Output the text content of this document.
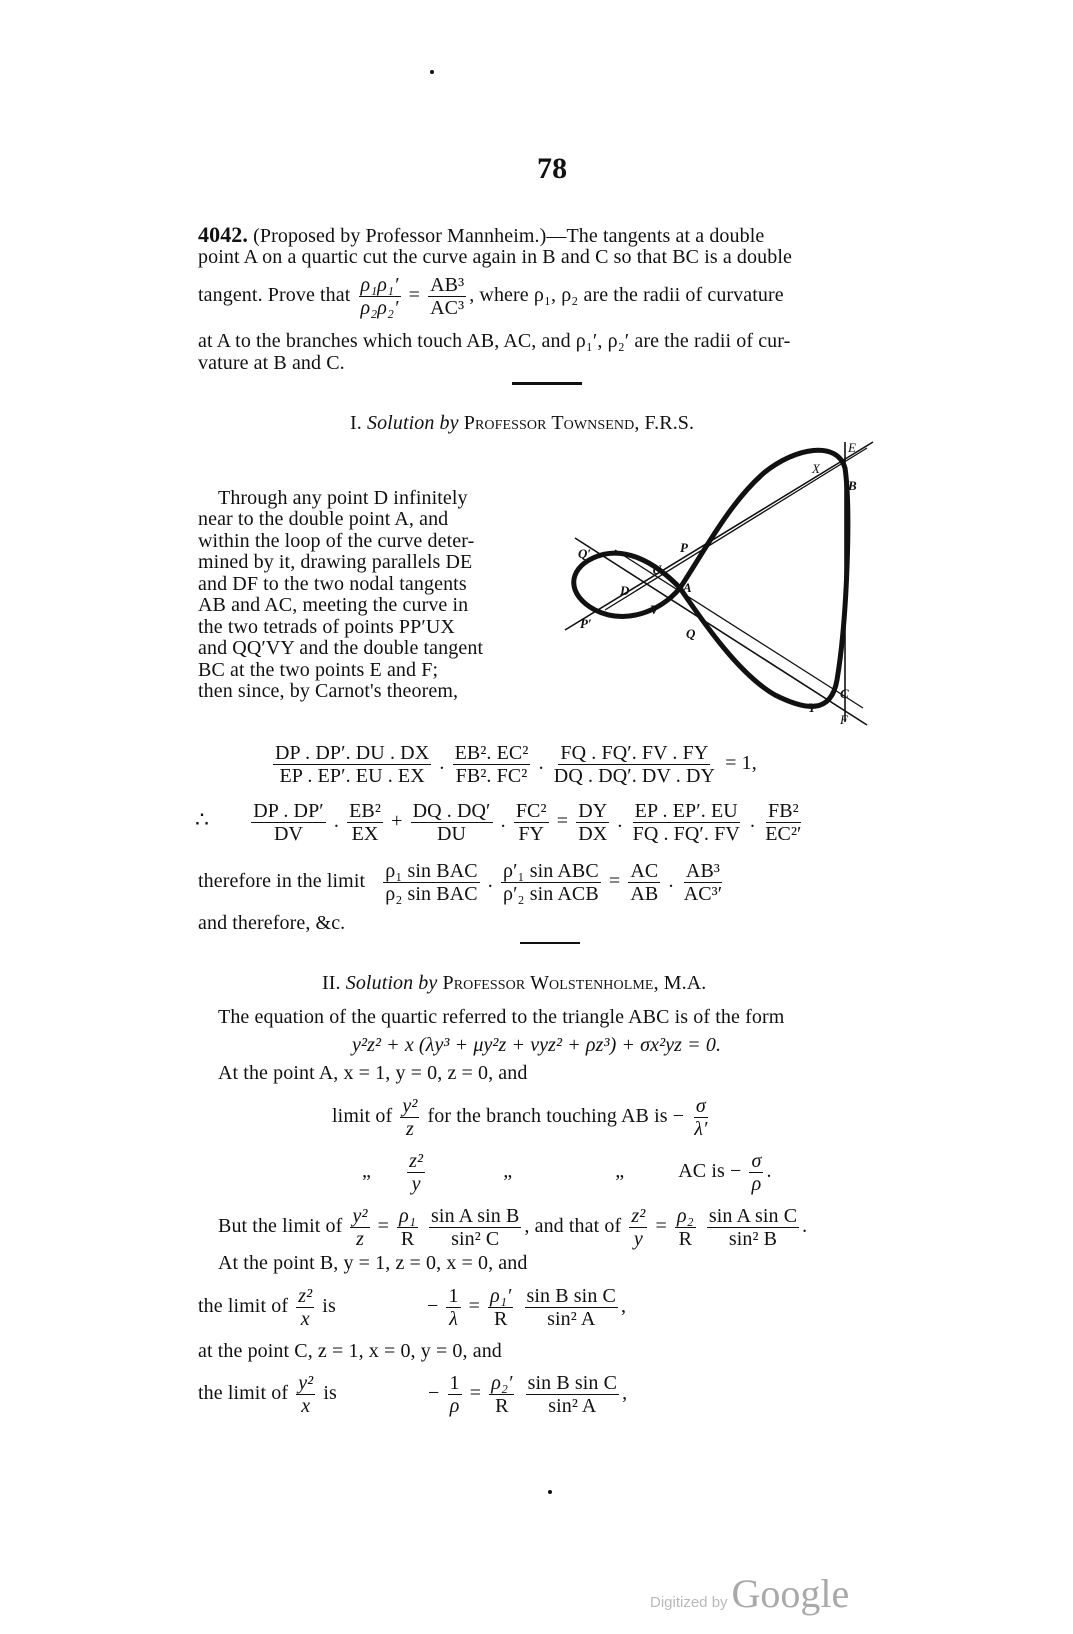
78
4042. (Proposed by Professor Mannheim.)—The tangents at a double
point A on a quartic cut the curve again in B and C so that BC is a double
tangent. Prove that $\frac{\text{ρ₁ρ₁′}}{\text{ρ₂ρ₂′}} = \frac{\text{AB³}}{\text{AC³}}$ , where ρ₁, ρ₂ are the radii of curvature
at A to the branches which touch AB, AC, and ρ₁′, ρ₂′ are the radii of cur-
vature at B and C.
I. Solution by Professor Townsend, F.R.S.
Through any point D infinitely
near to the double point A, and
within the loop of the curve deter-
mined by it, drawing parallels DE
and DF to the two nodal tangents
AB and AC, meeting the curve in
the two tetrads of points PP′UX
and QQ′VY and the double tangent
BC at the two points E and F;
then since, by Carnot's theorem,
E
X
B
P
Q′
U
D	A
V
P′
Q
C
Y
F
$\frac{DP . DP'. DU . DX}{EP . EP'. EU . EX}$ . $\frac{\text{EB². EC²}}{\text{FB². FC²}}$ . $\frac{FQ . FQ'. FV . FY}{DQ . DQ'. DV . DY} = 1$,
∴ $\frac{DP . DP'}{DV}$ . $\frac{\text{EB²}}{EX} + \frac{DQ . DQ'}{DU}$ . $\frac{\text{FC²}}{FY} = \frac{DY}{DX}$ . $\frac{EP . EP'. EU}{FQ . FQ'. FV}$ . $\frac{\text{FB²}}{\text{EC²′}}$
therefore in the limit $\frac{\text{ρ₁ sin BAC}}{\text{ρ₂ sin BAC}}$ . $\frac{\text{ρ′₁ sin ABC}}{\text{ρ′₂ sin ACB}} = \frac{AC}{AB}$ . $\frac{\text{AB³}}{\text{AC³′}}$
and therefore, &c.
II. Solution by Professor Wolstenholme, M.A.
The equation of the quartic referred to the triangle ABC is of the form
y²z² + x (λy³ + μy²z + νyz² + ρz³) + σx²yz = 0.
At the point A, x = 1, y = 0, z = 0, and
limit of $\frac{\text{y²}}{z}$ for the branch touching AB is − $\frac{\sigma}{\lambda'}$
„ $\frac{\text{z²}}{y}$	„	„	AC is − $\frac{\sigma}{\rho}$ .
But the limit of $\frac{\text{y²}}{z} = \frac{\text{ρ₁}}{R}$
$\frac{\text{sin A sin B}}{\text{sin² C}}$ , and that of $\frac{\text{z²}}{y} = \frac{\text{ρ₂}}{R}$
$\frac{\text{sin A sin C}}{\text{sin² B}}$ .
At the point B, y = 1, z = 0, x = 0, and
the limit of $\frac{\text{z²}}{x}$ is	− $\frac{1}{\lambda} = \frac{\text{ρ₁′}}{R}$
$\frac{\text{sin B sin C}}{\text{sin² A}}$ ,
at the point C, z = 1, x = 0, y = 0, and
the limit of $\frac{\text{y²}}{x}$ is	− $\frac{1}{\rho} = \frac{\text{ρ₂′}}{R}$
$\frac{\text{sin B sin C}}{\text{sin² A}}$ ,
Digitized by Google
